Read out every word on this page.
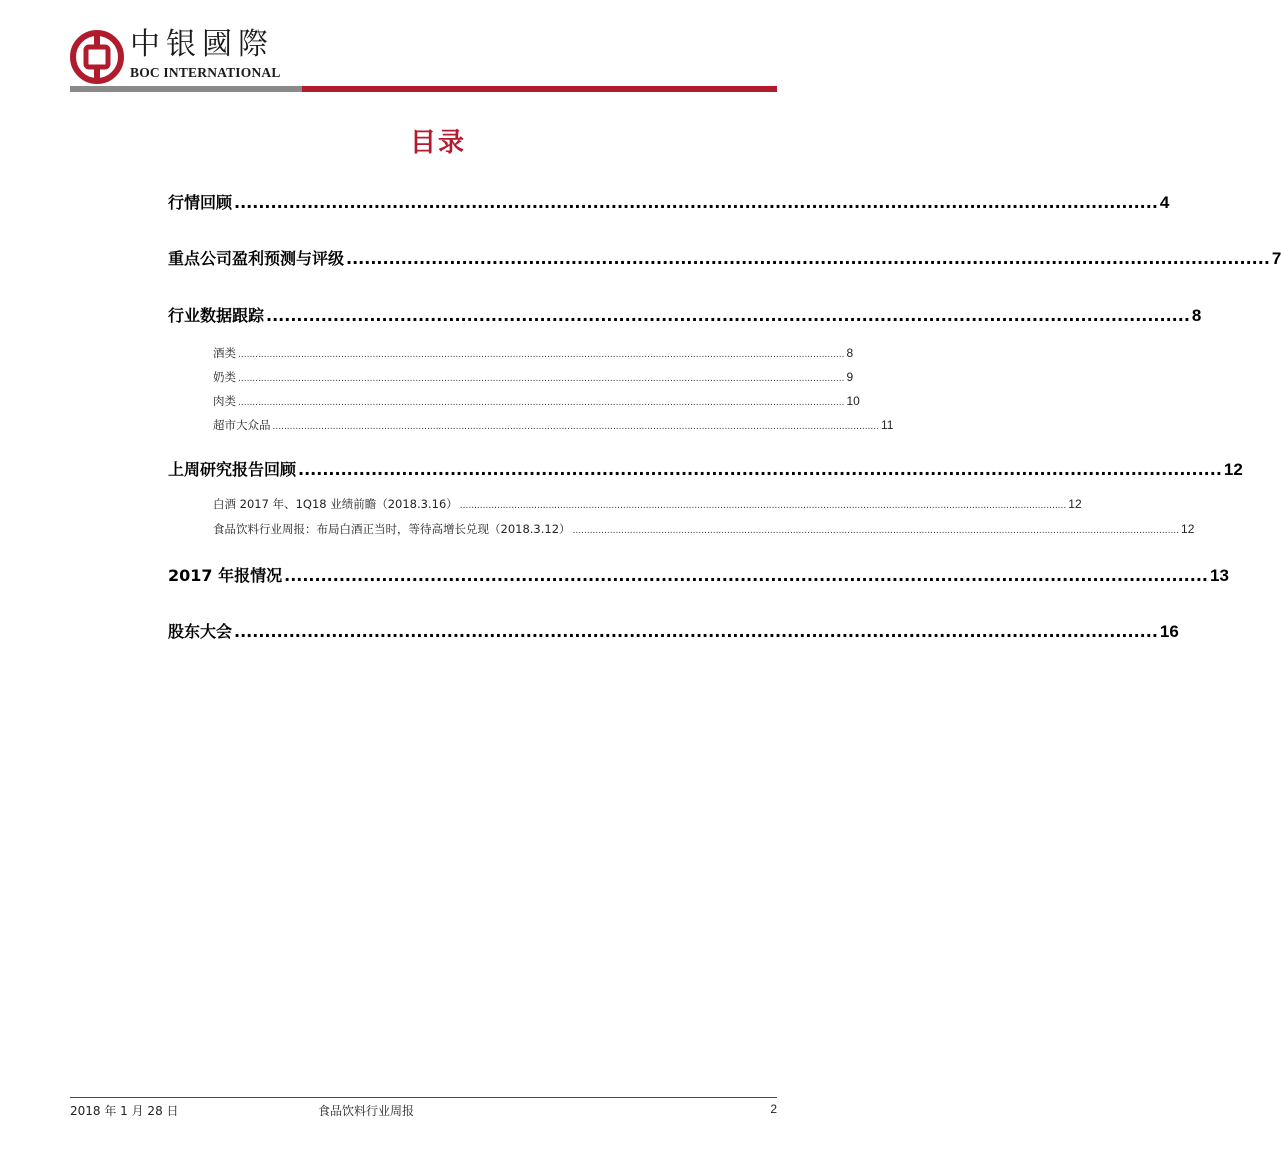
中银國際
BOC INTERNATIONAL
目录
行情回顾 ........................................................................................................................................................ 4
重点公司盈利预测与评级 ........................................................................................................................................................ 7
行业数据跟踪 ........................................................................................................................................................ 8
酒类 .................................................................................................................................................................................................................... 8
奶类 .................................................................................................................................................................................................................... 9
肉类 .................................................................................................................................................................................................................... 10
超市大众品 .................................................................................................................................................................................................................... 11
上周研究报告回顾 ........................................................................................................................................................ 12
白酒 2017 年、1Q18 业绩前瞻（2018.3.16） .................................................................................................................................................................................................................... 12
食品饮料行业周报：布局白酒正当时，等待高增长兑现（2018.3.12） .................................................................................................................................................................................................................... 12
2017 年报情况 ........................................................................................................................................................ 13
股东大会 ........................................................................................................................................................ 16
2018 年 1 月 28 日	食品饮料行业周报	2
